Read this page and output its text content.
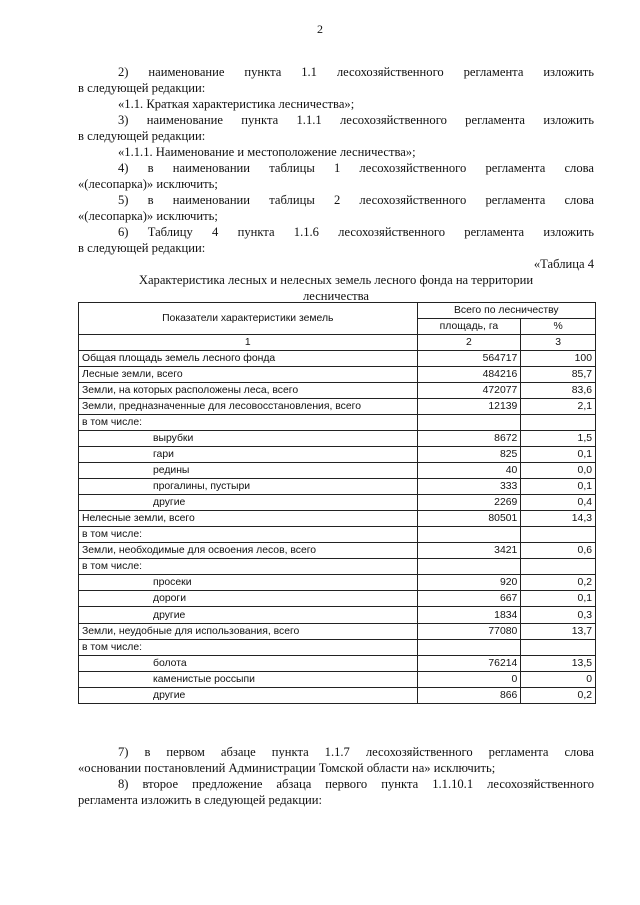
2

2) наименование пункта 1.1 лесохозяйственного регламента изложить
в следующей редакции:

«1.1. Краткая характеристика лесничества»;

3) наименование пункта 1.1.1 лесохозяйственного регламента изложить
в следующей редакции:

«1.1.1. Наименование и местоположение лесничества»;

4) в наименовании таблицы 1 лесохозяйственного регламента слова
«(лесопарка)» исключить;

5) в наименовании таблицы 2 лесохозяйственного регламента слова
«(лесопарка)» исключить;

6) Таблицу 4 пункта 1.1.6 лесохозяйственного регламента изложить
в следующей редакции:

«Таблица 4
Характеристика лесных и нелесных земель лесного фонда на территории
лесничества
Показатели характеристики земель	Всего по лесничеству	
	площадь, га	%
1	2	3
Общая площадь земель лесного фонда	564717	100
Лесные земли, всего	484216	85,7
Земли, на которых расположены леса, всего	472077	83,6
Земли, предназначенные для лесовосстановления, всего	12139	2,1
в том числе:		
вырубки	8672	1,5
гари	825	0,1
редины	40	0,0
прогалины, пустыри	333	0,1
другие	2269	0,4
Нелесные земли, всего	80501	14,3
в том числе:		
Земли, необходимые для освоения лесов, всего	3421	0,6
в том числе:		
просеки	920	0,2
дороги	667	0,1
другие	1834	0,3
Земли, неудобные для использования, всего	77080	13,7
в том числе:		
болота	76214	13,5
каменистые россыпи	0	0
другие	866	0,2

7) в первом абзаце пункта 1.1.7 лесохозяйственного регламента слова
«основании постановлений Администрации Томской области на» исключить;

8) второе предложение абзаца первого пункта 1.1.10.1 лесохозяйственного
регламента изложить в следующей редакции:
